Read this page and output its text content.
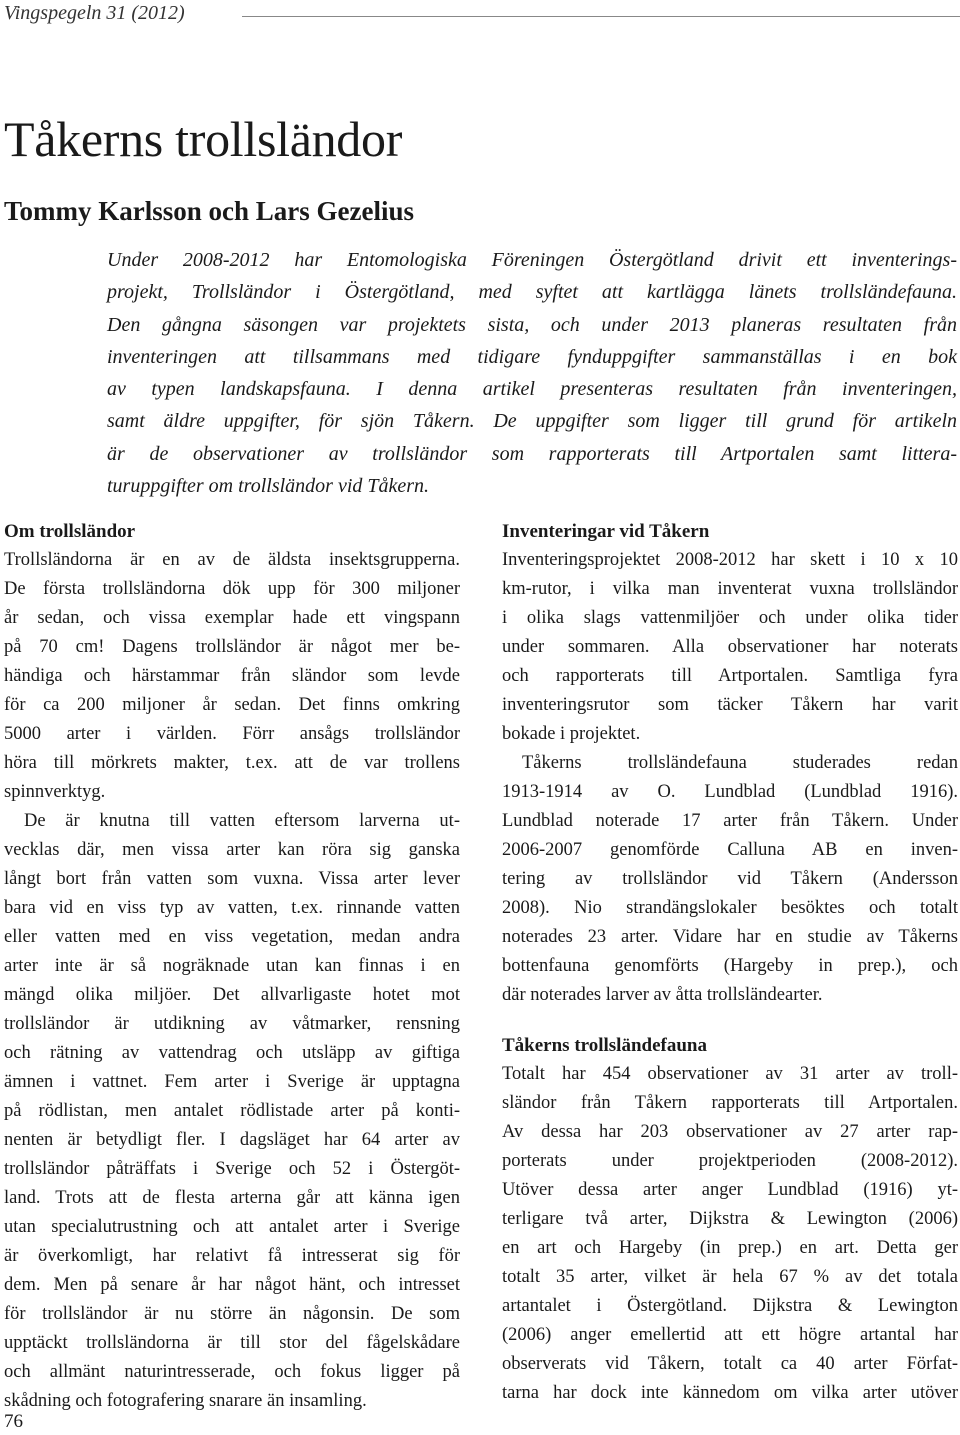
Vingspegeln 31 (2012)
Tåkerns trollsländor
Tommy Karlsson och Lars Gezelius
Under 2008-2012 har Entomologiska Föreningen Östergötland drivit ett inventerings-
projekt, Trollsländor i Östergötland, med syftet att kartlägga länets trollsländefauna.
Den gångna säsongen var projektets sista, och under 2013 planeras resultaten från
inventeringen att tillsammans med tidigare fynduppgifter sammanställas i en bok
av typen landskapsfauna. I denna artikel presenteras resultaten från inventeringen,
samt äldre uppgifter, för sjön Tåkern. De uppgifter som ligger till grund för artikeln
är de observationer av trollsländor som rapporterats till Artportalen samt littera-
turuppgifter om trollsländor vid Tåkern.
Om trollsländor
Trollsländorna är en av de äldsta insektsgrupperna.
De första trollsländorna dök upp för 300 miljoner
år sedan, och vissa exemplar hade ett vingspann
på 70 cm! Dagens trollsländor är något mer be-
händiga och härstammar från sländor som levde
för ca 200 miljoner år sedan. Det finns omkring
5000 arter i världen. Förr ansågs trollsländor
höra till mörkrets makter, t.ex. att de var trollens
spinnverktyg.
De är knutna till vatten eftersom larverna ut-
vecklas där, men vissa arter kan röra sig ganska
långt bort från vatten som vuxna. Vissa arter lever
bara vid en viss typ av vatten, t.ex. rinnande vatten
eller vatten med en viss vegetation, medan andra
arter inte är så nogräknade utan kan finnas i en
mängd olika miljöer. Det allvarligaste hotet mot
trollsländor är utdikning av våtmarker, rensning
och rätning av vattendrag och utsläpp av giftiga
ämnen i vattnet. Fem arter i Sverige är upptagna
på rödlistan, men antalet rödlistade arter på konti-
nenten är betydligt fler. I dagsläget har 64 arter av
trollsländor påträffats i Sverige och 52 i Östergöt-
land. Trots att de flesta arterna går att känna igen
utan specialutrustning och att antalet arter i Sverige
är överkomligt, har relativt få intresserat sig för
dem. Men på senare år har något hänt, och intresset
för trollsländor är nu större än någonsin. De som
upptäckt trollsländorna är till stor del fågelskådare
och allmänt naturintresserade, och fokus ligger på
skådning och fotografering snarare än insamling.
Inventeringar vid Tåkern
Inventeringsprojektet 2008-2012 har skett i 10 x 10
km-rutor, i vilka man inventerat vuxna trollsländor
i olika slags vattenmiljöer och under olika tider
under sommaren. Alla observationer har noterats
och rapporterats till Artportalen. Samtliga fyra
inventeringsrutor som täcker Tåkern har varit
bokade i projektet.
Tåkerns trollsländefauna studerades redan
1913-1914 av O. Lundblad (Lundblad 1916).
Lundblad noterade 17 arter från Tåkern. Under
2006-2007 genomförde Calluna AB en inven-
tering av trollsländor vid Tåkern (Andersson
2008). Nio strandängslokaler besöktes och totalt
noterades 23 arter. Vidare har en studie av Tåkerns
bottenfauna genomförts (Hargeby in prep.), och
där noterades larver av åtta trollsländearter.
Tåkerns trollsländefauna
Totalt har 454 observationer av 31 arter av troll-
sländor från Tåkern rapporterats till Artportalen.
Av dessa har 203 observationer av 27 arter rap-
porterats under projektperioden (2008-2012).
Utöver dessa arter anger Lundblad (1916) yt-
terligare två arter, Dijkstra & Lewington (2006)
en art och Hargeby (in prep.) en art. Detta ger
totalt 35 arter, vilket är hela 67 % av det totala
artantalet i Östergötland. Dijkstra & Lewington
(2006) anger emellertid att ett högre artantal har
observerats vid Tåkern, totalt ca 40 arter Förfat-
tarna har dock inte kännedom om vilka arter utöver
76
